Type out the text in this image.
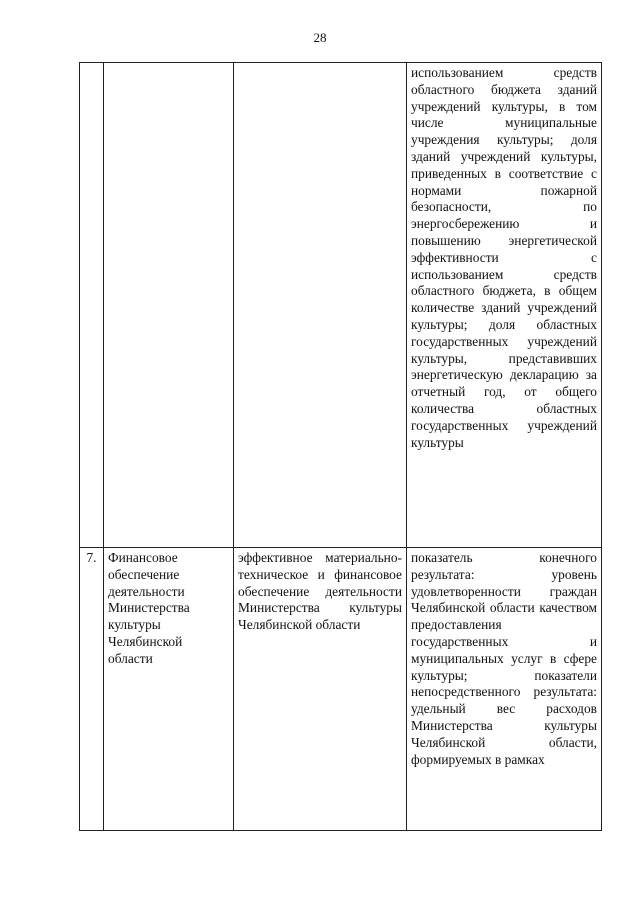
28
			использованием средств областного бюджета зданий учреждений культуры, в том числе муниципальные учреждения культуры; доля зданий учреждений культуры, приведенных в соответствие с нормами пожарной безопасности, по энергосбережению и повышению энергетической эффективности с использованием средств областного бюджета, в общем количестве зданий учреждений культуры; доля областных государственных учреждений культуры, представивших энергетическую декларацию за отчетный год, от общего количества областных государственных учреждений культуры
7.	Финансовое обеспечение деятельности Министерства культуры Челябинской области	эффективное материально-техническое и финансовое обеспечение деятельности Министерства культуры Челябинской области	показатель конечного результата: уровень удовлетворенности граждан Челябинской области качеством предоставления государственных и муниципальных услуг в сфере культуры; показатели непосредственного результата: удельный вес расходов Министерства культуры Челябинской области, формируемых в рамках
